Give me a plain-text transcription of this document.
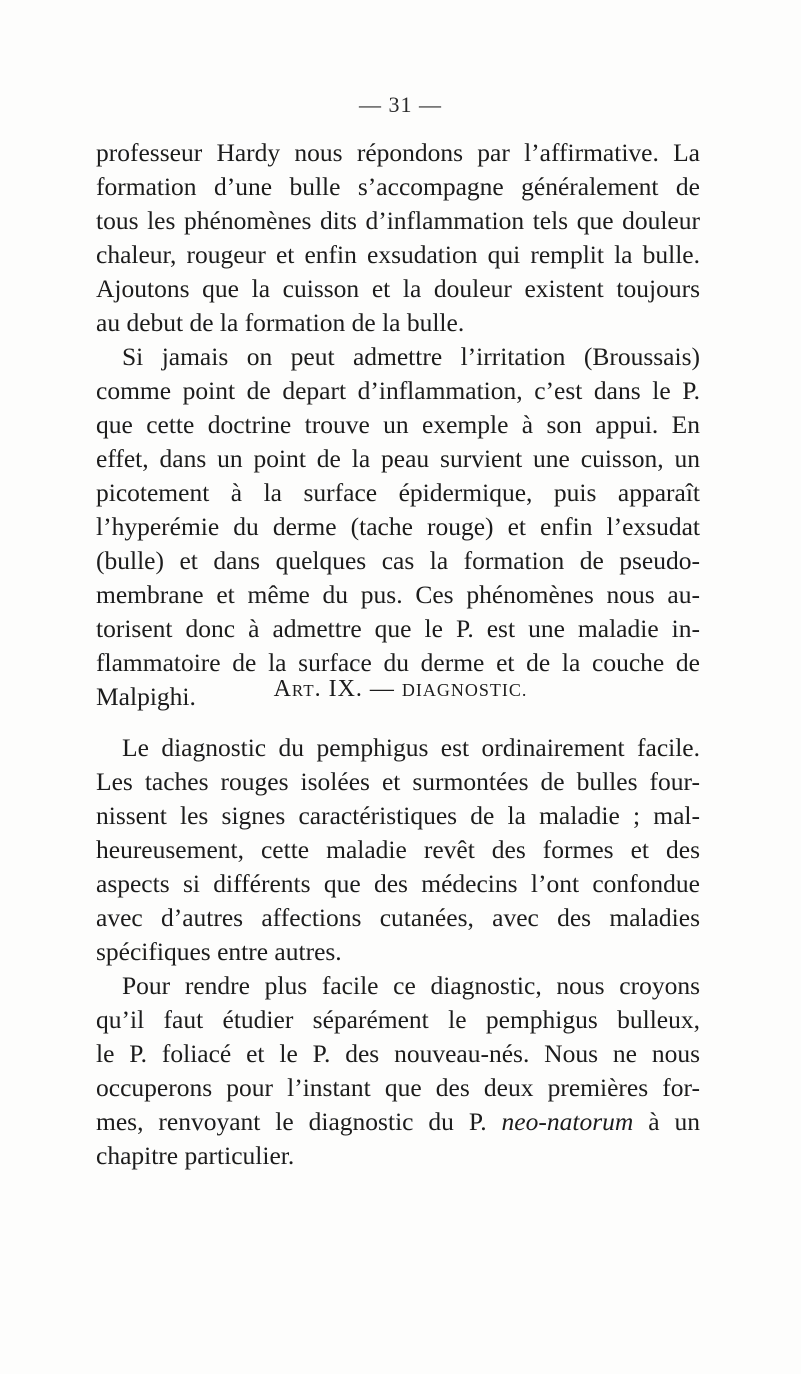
— 31 —
professeur Hardy nous répondons par l’affirmative. La
formation d’une bulle s’accompagne généralement de
tous les phénomènes dits d’inflammation tels que douleur
chaleur, rougeur et enfin exsudation qui remplit la bulle.
Ajoutons que la cuisson et la douleur existent toujours
au debut de la formation de la bulle.
Si jamais on peut admettre l’irritation (Broussais)
comme point de depart d’inflammation, c’est dans le P.
que cette doctrine trouve un exemple à son appui. En
effet, dans un point de la peau survient une cuisson, un
picotement à la surface épidermique, puis apparaît
l’hyperémie du derme (tache rouge) et enfin l’exsudat
(bulle) et dans quelques cas la formation de pseudo-
membrane et même du pus. Ces phénomènes nous au-
torisent donc à admettre que le P. est une maladie in-
flammatoire de la surface du derme et de la couche de
Malpighi.	Art. IX. — DIAGNOSTIC.
Le diagnostic du pemphigus est ordinairement facile.
Les taches rouges isolées et surmontées de bulles four-
nissent les signes caractéristiques de la maladie ; mal-
heureusement, cette maladie revêt des formes et des
aspects si différents que des médecins l’ont confondue
avec d’autres affections cutanées, avec des maladies
spécifiques entre autres.
Pour rendre plus facile ce diagnostic, nous croyons
qu’il faut étudier séparément le pemphigus bulleux,
le P. foliacé et le P. des nouveau-nés. Nous ne nous
occuperons pour l’instant que des deux premières for-
mes, renvoyant le diagnostic du P. neo-natorum à un
chapitre particulier.
